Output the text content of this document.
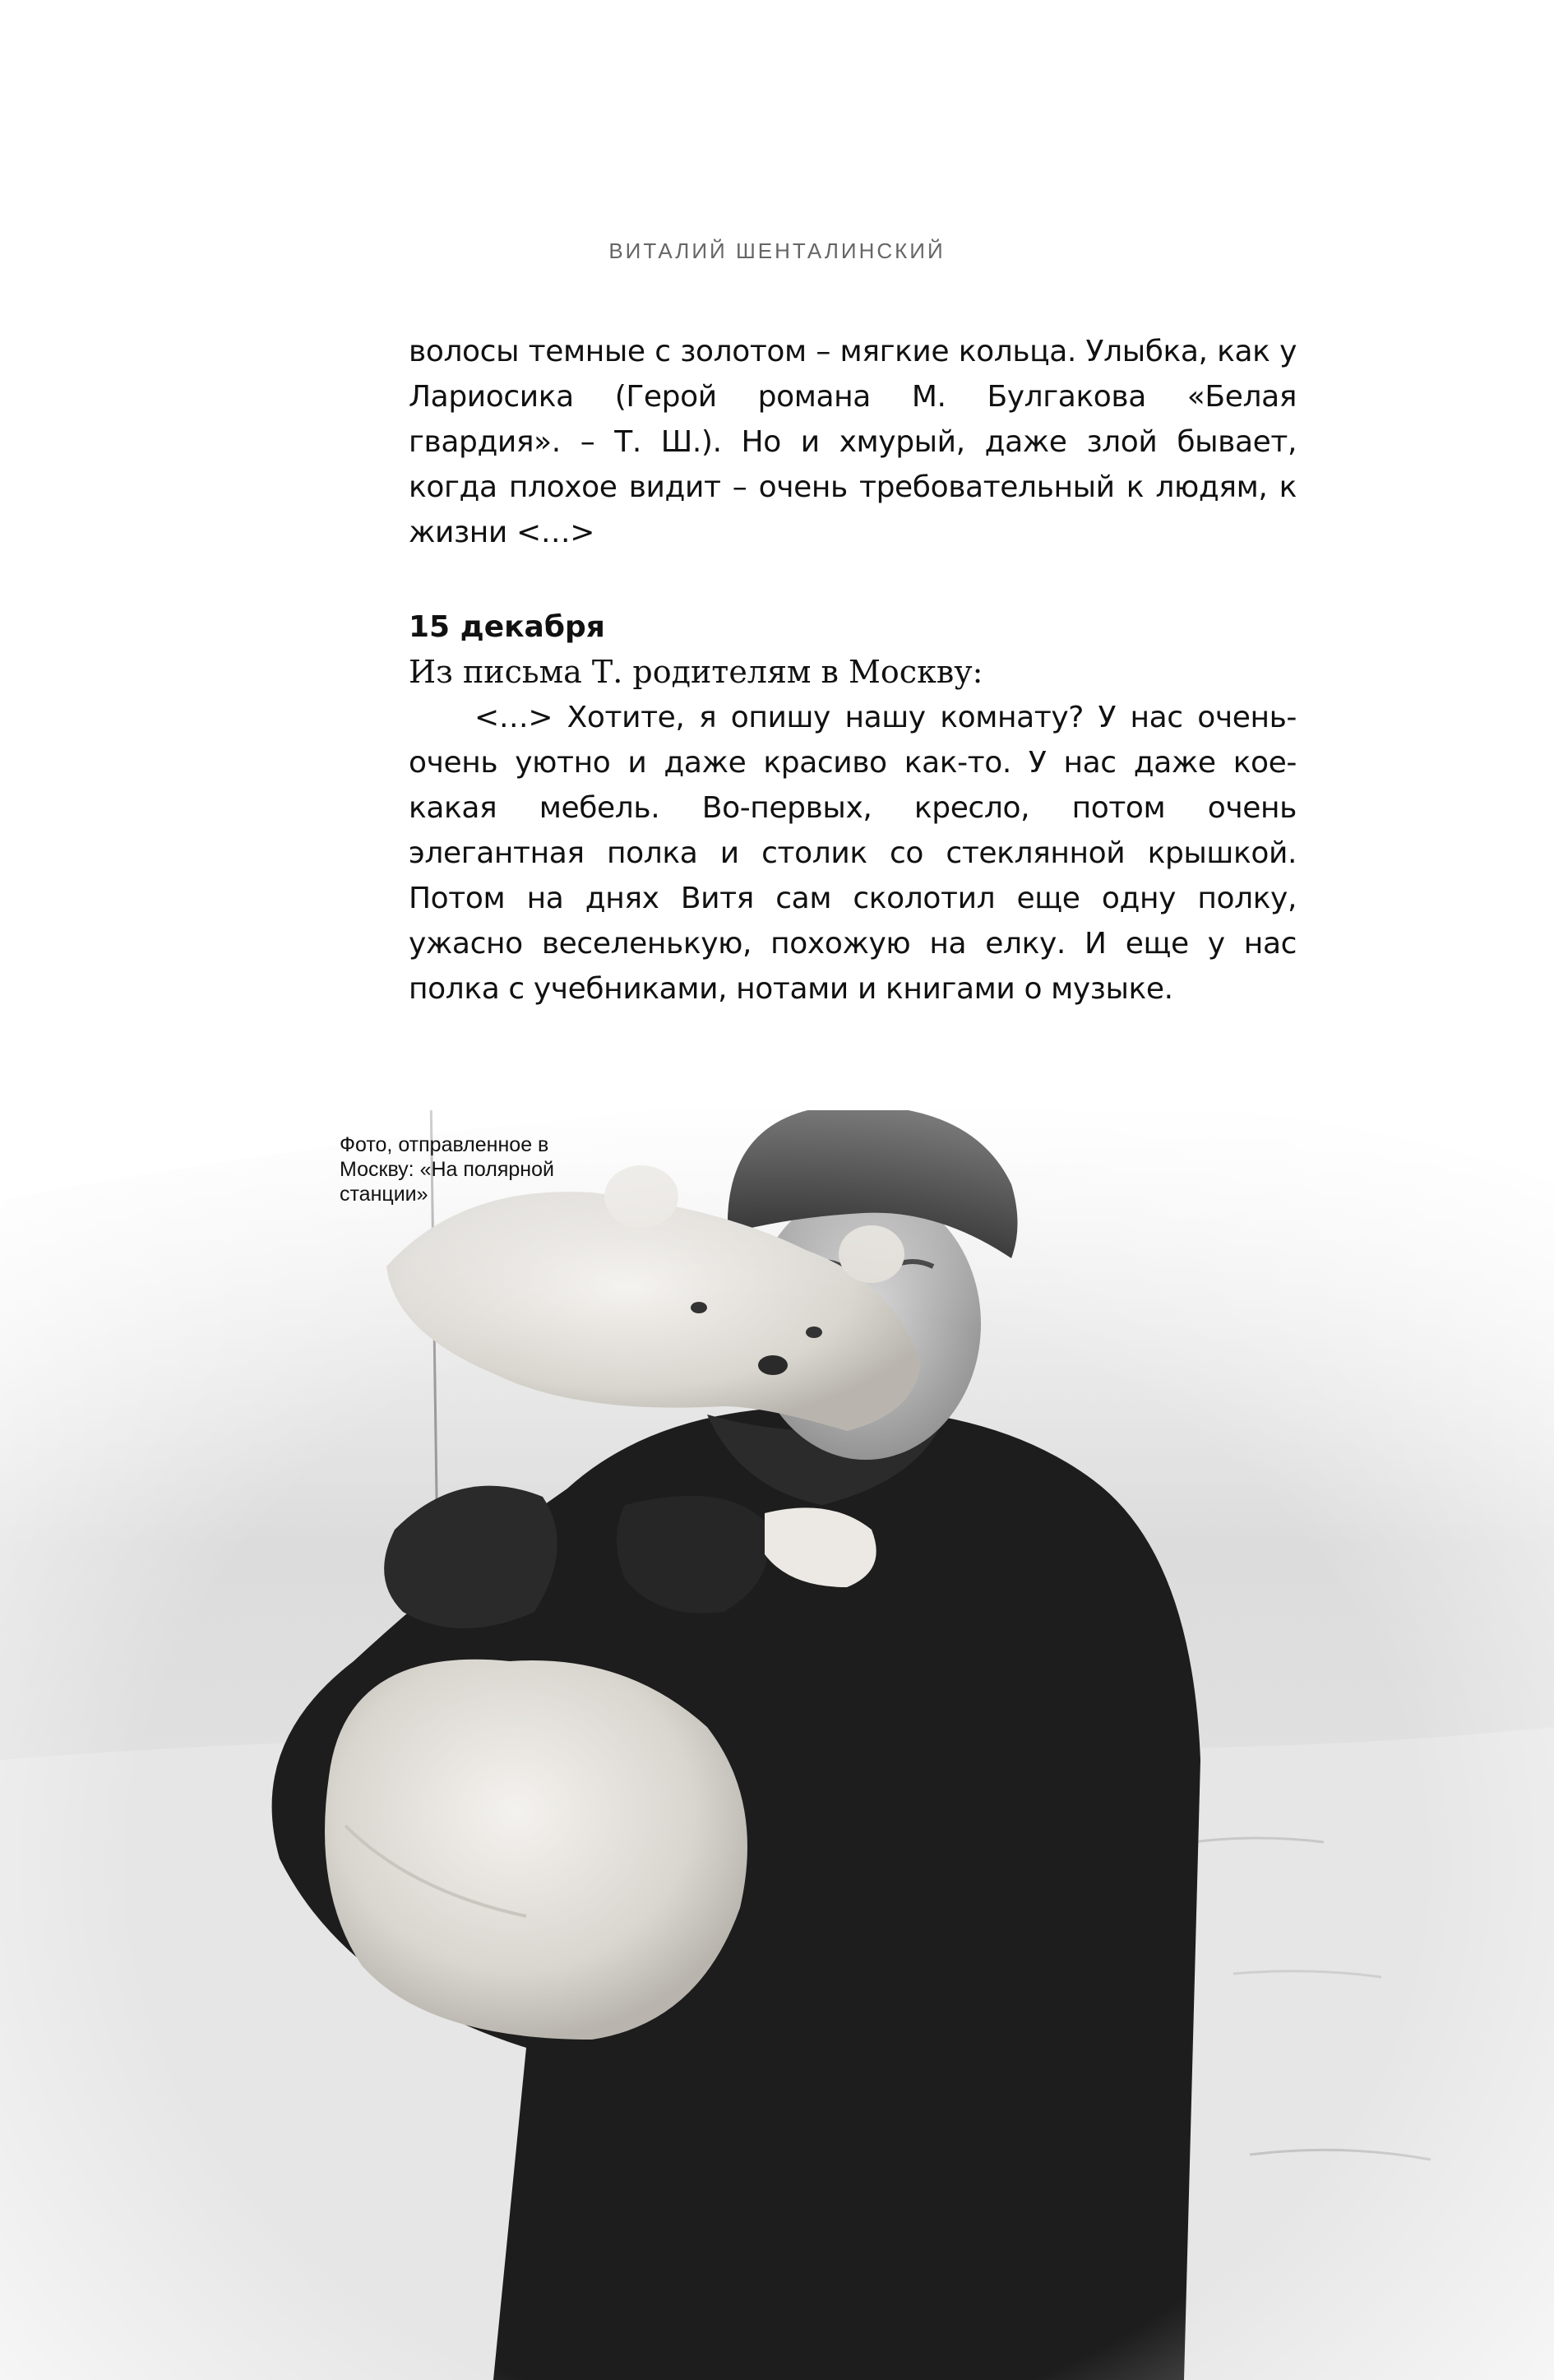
ВИТАЛИЙ ШЕНТАЛИНСКИЙ

волосы темные с золотом – мягкие кольца. Улыбка, как у Лариосика (Герой романа М. Булгакова «Белая гвардия». – Т. Ш.). Но и хмурый, даже злой бывает, когда плохое видит – очень требовательный к людям, к жизни <…>

15 декабря

Из письма Т. родителям в Москву:

<…> Хотите, я опишу нашу комнату? У нас очень-очень уютно и даже красиво как-то. У нас даже кое-какая мебель. Во-первых, кресло, потом очень элегантная полка и столик со стеклянной крышкой. Потом на днях Витя сам сколотил еще одну полку, ужасно веселенькую, похожую на елку. И еще у нас полка с учебниками, нотами и книгами о музыке.

Фото, отправленное в Москву: «На полярной станции»
